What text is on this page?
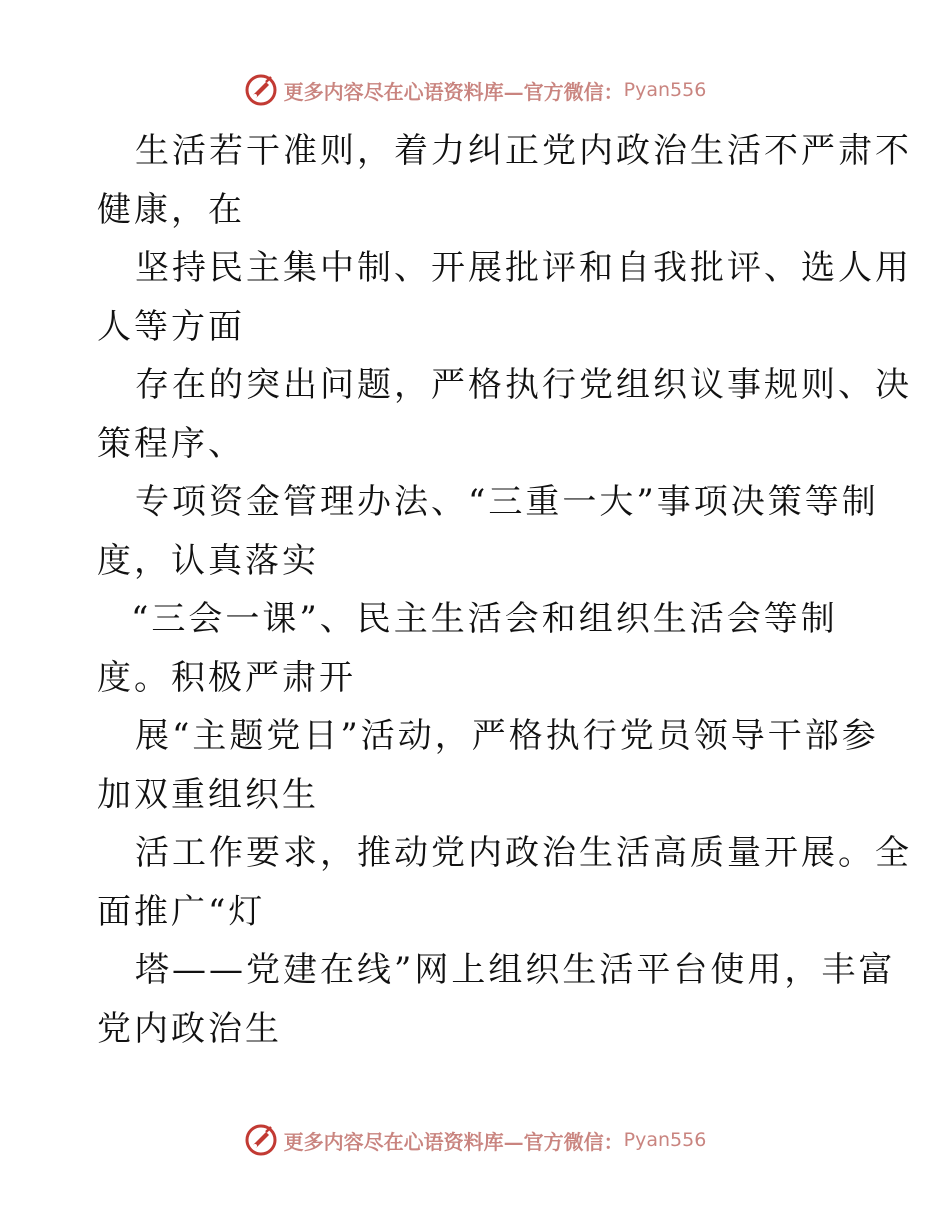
更多内容尽在心语资料库— 官方微信： Pyan556
生活若干准则，着力纠正党内政治生活不严肃不
健康，在
坚持民主集中制、开展批评和自我批评、选人用
人等方面
存在的突出问题，严格执行党组织议事规则、决
策程序、
专项资金管理办法、“三重一大”事项决策等制
度，认真落实
“三会一课”、民主生活会和组织生活会等制
度。积极严肃开
展“主题党日”活动，严格执行党员领导干部参
加双重组织生
活工作要求，推动党内政治生活高质量开展。全
面推广“灯
塔——党建在线”网上组织生活平台使用，丰富
党内政治生
更多内容尽在心语资料库— 官方微信： Pyan556
